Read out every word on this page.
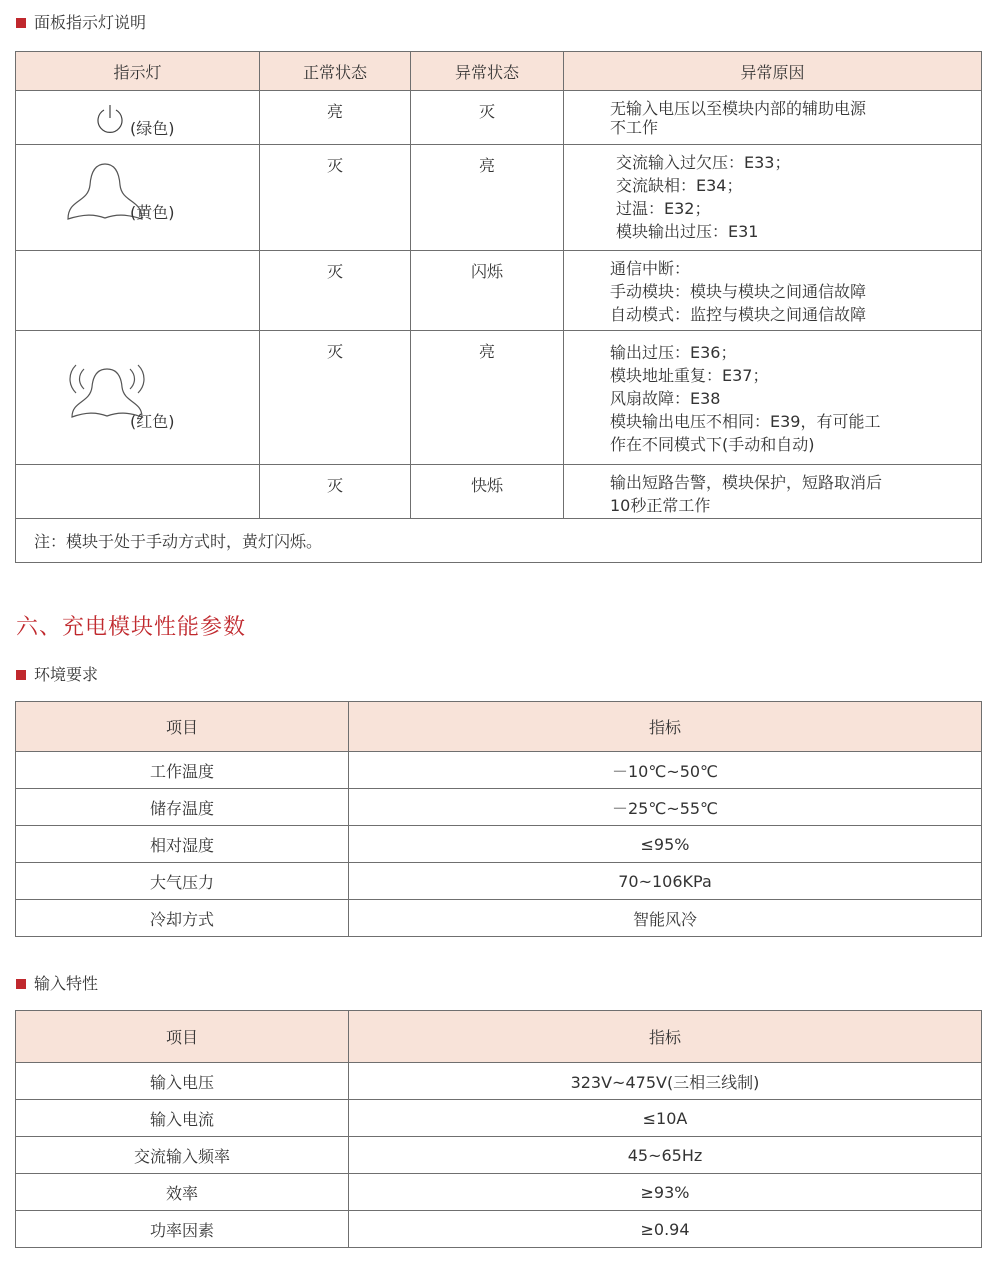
面板指示灯说明
指示灯	正常状态	异常状态	异常原因

(绿色)	亮	灭	无输入电压以至模块内部的辅助电源
不工作

(黄色)	灭	亮	交流输入过欠压：E33；
交流缺相：E34；
过温：E32；
模块输出过压：E31

	灭	闪烁	通信中断：
手动模块：模块与模块之间通信故障
自动模式：监控与模块之间通信故障

(红色)	灭	亮	输出过压：E36；
模块地址重复：E37；
风扇故障：E38
模块输出电压不相同：E39，有可能工
作在不同模式下(手动和自动)

	灭	快烁	输出短路告警，模块保护，短路取消后
10秒正常工作

注：模块于处于手动方式时，黄灯闪烁。			
六、充电模块性能参数
环境要求
项目	指标
工作温度	－10℃~50℃
储存温度	－25℃~55℃
相对湿度	≤95%
大气压力	70~106KPa
冷却方式	智能风冷
输入特性
项目	指标
输入电压	323V~475V(三相三线制)
输入电流	≤10A
交流输入频率	45~65Hz
效率	≥93%
功率因素	≥0.94
